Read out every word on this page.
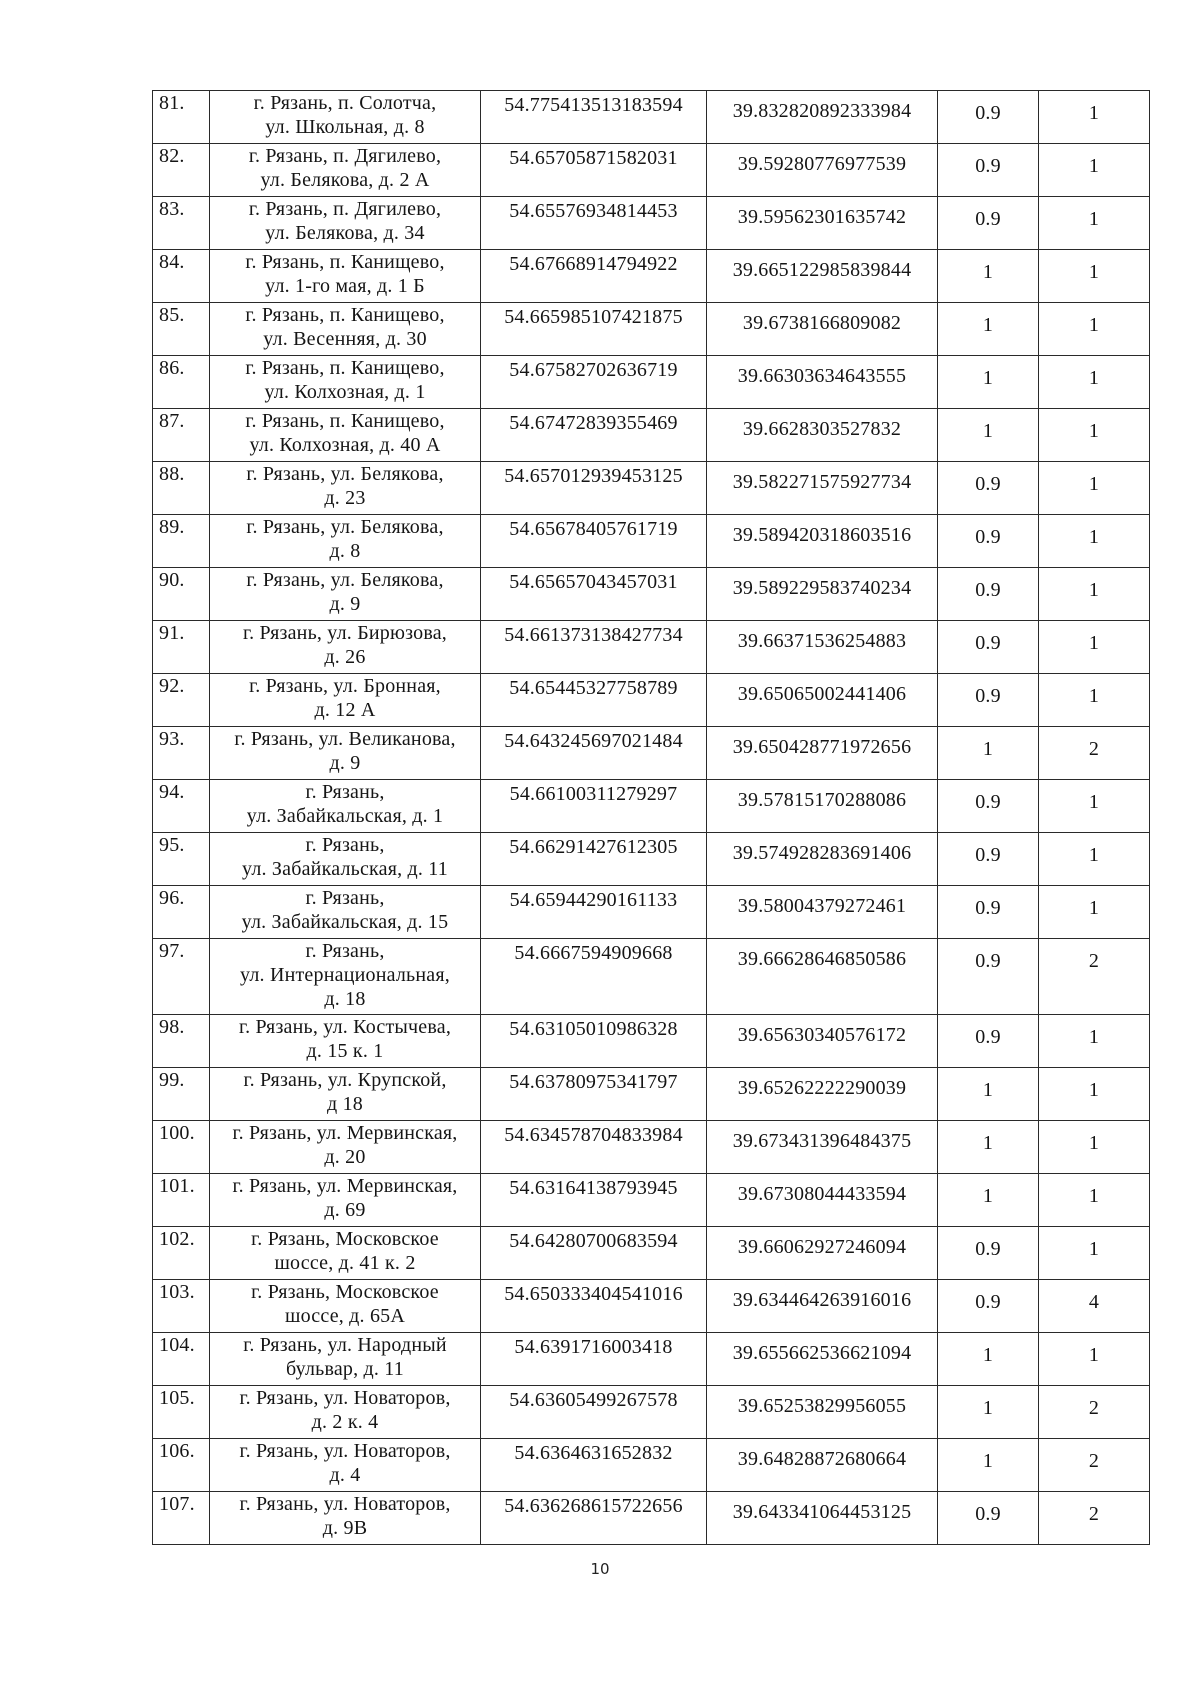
81.	г. Рязань, п. Солотча,
ул. Школьная, д. 8	54.775413513183594	39.832820892333984	0.9	1
82.	г. Рязань, п. Дягилево,
ул. Белякова, д. 2 А	54.65705871582031	39.59280776977539	0.9	1
83.	г. Рязань, п. Дягилево,
ул. Белякова, д. 34	54.65576934814453	39.59562301635742	0.9	1
84.	г. Рязань, п. Канищево,
ул. 1-го мая, д. 1 Б	54.67668914794922	39.665122985839844	1	1
85.	г. Рязань, п. Канищево,
ул. Весенняя, д. 30	54.665985107421875	39.6738166809082	1	1
86.	г. Рязань, п. Канищево,
ул. Колхозная, д. 1	54.67582702636719	39.66303634643555	1	1
87.	г. Рязань, п. Канищево,
ул. Колхозная, д. 40 А	54.67472839355469	39.6628303527832	1	1
88.	г. Рязань, ул. Белякова,
д. 23	54.657012939453125	39.582271575927734	0.9	1
89.	г. Рязань, ул. Белякова,
д. 8	54.65678405761719	39.589420318603516	0.9	1
90.	г. Рязань, ул. Белякова,
д. 9	54.65657043457031	39.589229583740234	0.9	1
91.	г. Рязань, ул. Бирюзова,
д. 26	54.661373138427734	39.66371536254883	0.9	1
92.	г. Рязань, ул. Бронная,
д. 12 А	54.65445327758789	39.65065002441406	0.9	1
93.	г. Рязань, ул. Великанова,
д. 9	54.643245697021484	39.650428771972656	1	2
94.	г. Рязань,
ул. Забайкальская, д. 1	54.66100311279297	39.57815170288086	0.9	1
95.	г. Рязань,
ул. Забайкальская, д. 11	54.66291427612305	39.574928283691406	0.9	1
96.	г. Рязань,
ул. Забайкальская, д. 15	54.65944290161133	39.58004379272461	0.9	1
97.	г. Рязань,
ул. Интернациональная,
д. 18	54.6667594909668	39.66628646850586	0.9	2
98.	г. Рязань, ул. Костычева,
д. 15 к. 1	54.63105010986328	39.65630340576172	0.9	1
99.	г. Рязань, ул. Крупской,
д 18	54.63780975341797	39.65262222290039	1	1
100.	г. Рязань, ул. Мервинская,
д. 20	54.634578704833984	39.673431396484375	1	1
101.	г. Рязань, ул. Мервинская,
д. 69	54.63164138793945	39.67308044433594	1	1
102.	г. Рязань, Московское
шоссе, д. 41 к. 2	54.64280700683594	39.66062927246094	0.9	1
103.	г. Рязань, Московское
шоссе, д. 65А	54.650333404541016	39.634464263916016	0.9	4
104.	г. Рязань, ул. Народный
бульвар, д. 11	54.6391716003418	39.655662536621094	1	1
105.	г. Рязань, ул. Новаторов,
д. 2 к. 4	54.63605499267578	39.65253829956055	1	2
106.	г. Рязань, ул. Новаторов,
д. 4	54.6364631652832	39.64828872680664	1	2
107.	г. Рязань, ул. Новаторов,
д. 9В	54.636268615722656	39.643341064453125	0.9	2
10
